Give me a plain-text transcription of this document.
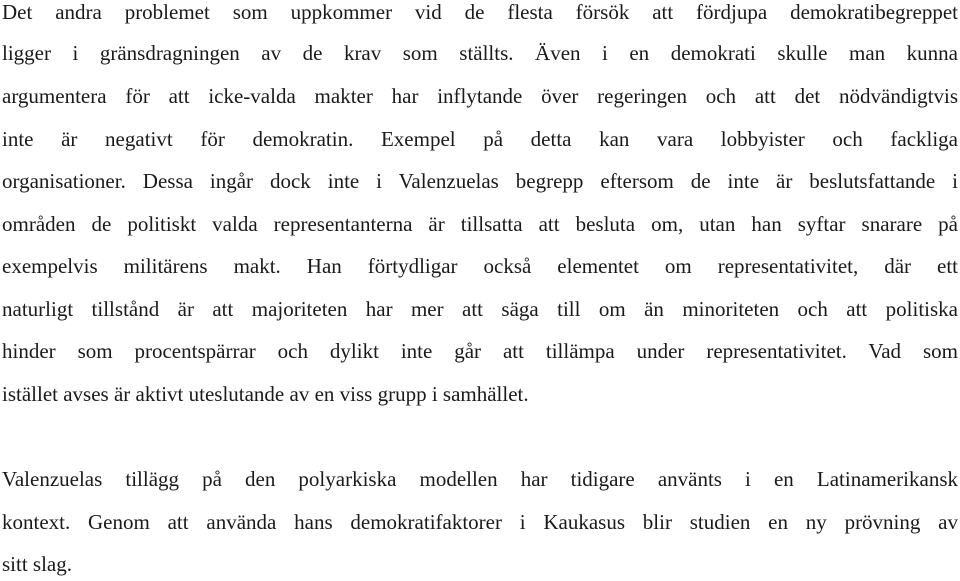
Det andra problemet som uppkommer vid de flesta försök att fördjupa demokratibegreppet
ligger i gränsdragningen av de krav som ställts. Även i en demokrati skulle man kunna
argumentera för att icke-valda makter har inflytande över regeringen och att det nödvändigtvis
inte är negativt för demokratin. Exempel på detta kan vara lobbyister och fackliga
organisationer. Dessa ingår dock inte i Valenzuelas begrepp eftersom de inte är beslutsfattande i
områden de politiskt valda representanterna är tillsatta att besluta om, utan han syftar snarare på
exempelvis militärens makt. Han förtydligar också elementet om representativitet, där ett
naturligt tillstånd är att majoriteten har mer att säga till om än minoriteten och att politiska
hinder som procentspärrar och dylikt inte går att tillämpa under representativitet. Vad som
istället avses är aktivt uteslutande av en viss grupp i samhället.
Valenzuelas tillägg på den polyarkiska modellen har tidigare använts i en Latinamerikansk
kontext. Genom att använda hans demokratifaktorer i Kaukasus blir studien en ny prövning av
sitt slag.
